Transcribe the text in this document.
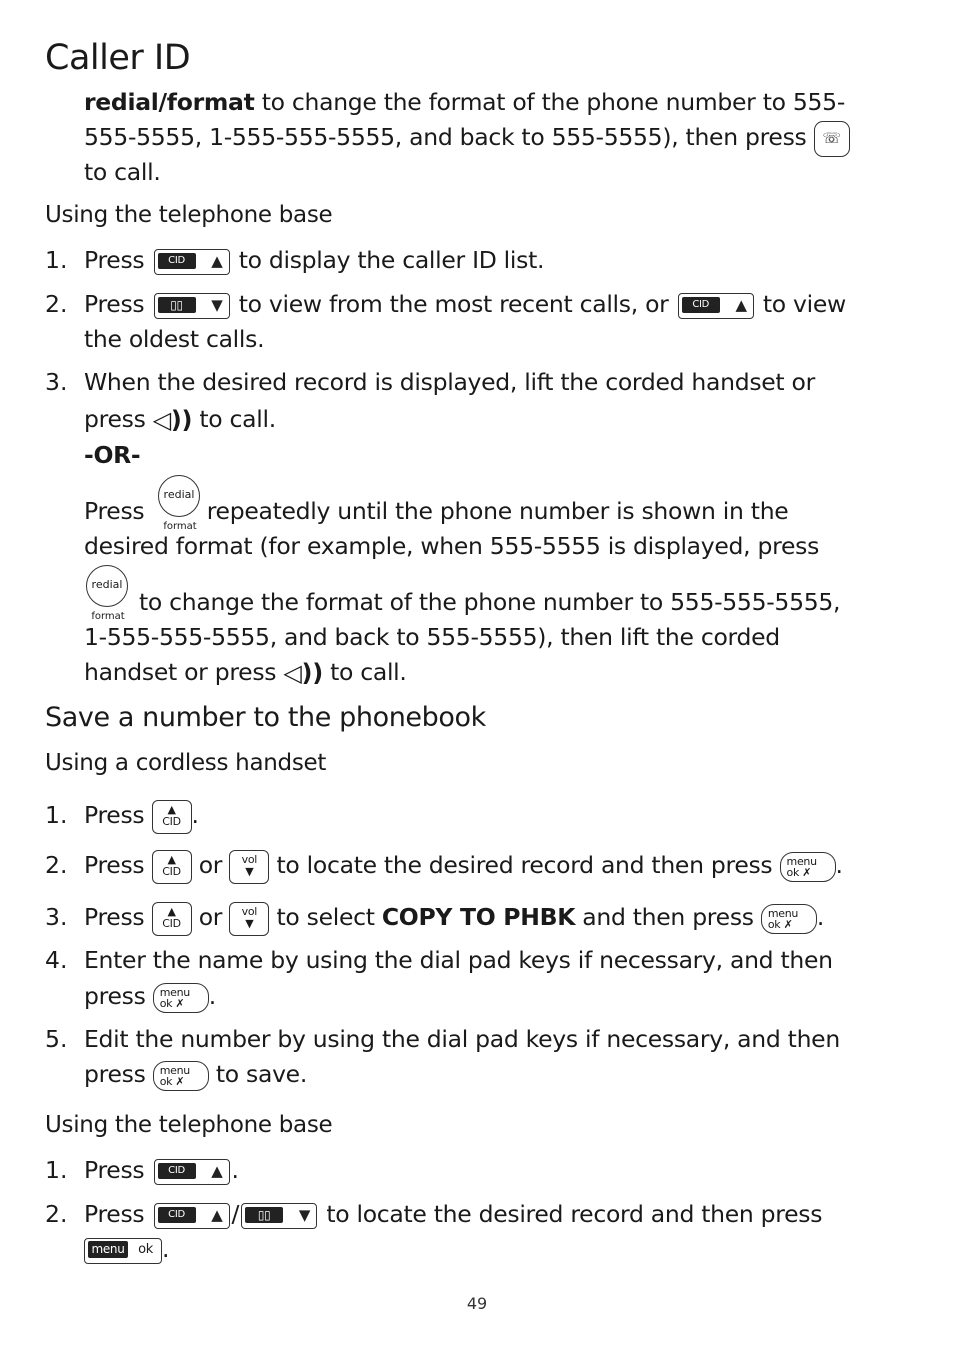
Caller ID
redial/format to change the format of the phone number to 555-
555-5555, 1-555-555-5555, and back to 555-5555), then press ☏
to call.
Using the telephone base
1. Press	CID	▲ to display the caller ID list.
2. Press	▯▯	▼ to view from the most recent calls, or	CID	▲ to view
the oldest calls.
3. When the desired record is displayed, lift the corded handset or
press ◁)) to call.
-OR-
Press	repeatedly until the phone number is shown in the
redial
format
desired format (for example, when 555-5555 is displayed, press
redial
format
to change the format of the phone number to 555-555-5555,
1-555-555-5555, and back to 555-5555), then lift the corded
handset or press ◁)) to call.
Save a number to the phonebook
Using a cordless handset
1. Press ▲
CID .
2. Press ▲
CID or vol
▼ to locate the desired record and then press menu
ok ✗ .
3. Press ▲
CID or vol
▼ to select COPY TO PHBK and then press menu
ok ✗ .
4. Enter the name by using the dial pad keys if necessary, and then
press menu
ok ✗ .
5. Edit the number by using the dial pad keys if necessary, and then
press menu
ok ✗ to save.
Using the telephone base
1. Press	CID	▲ .
2. Press	CID	▲ /	▯▯	▼ to locate the desired record and then press
menu ok .
49
